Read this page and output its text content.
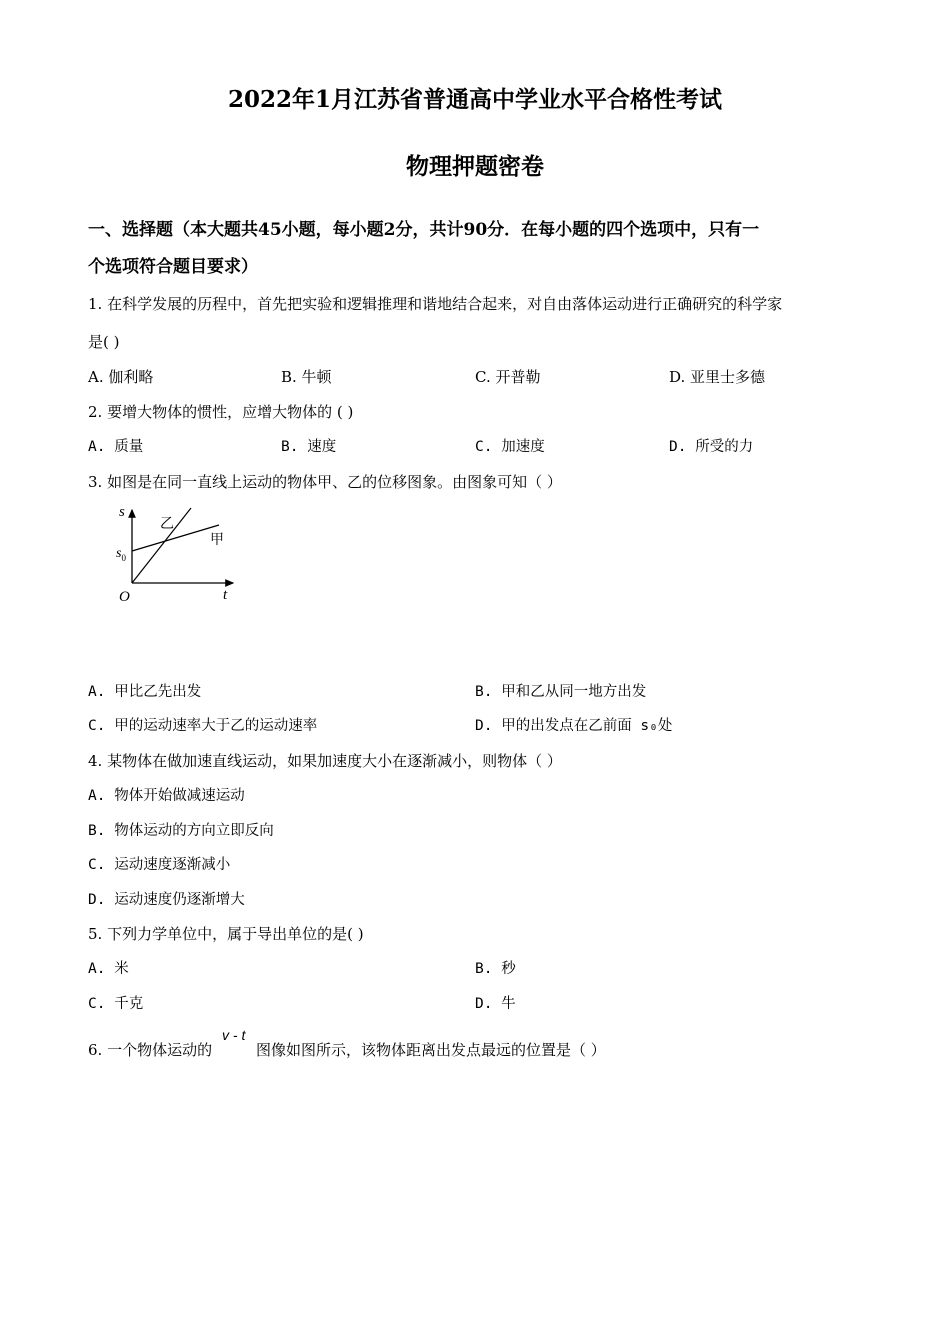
2022年1月江苏省普通高中学业水平合格性考试
物理押题密卷
一、选择题（本大题共45小题，每小题2分，共计90分．在每小题的四个选项中，只有一
个选项符合题目要求）
1. 在科学发展的历程中，首先把实验和逻辑推理和谐地结合起来，对自由落体运动进行正确研究的科学家
是( )
A. 伽利略	B. 牛顿	C. 开普勒	D. 亚里士多德
2. 要增大物体的惯性，应增大物体的 ( )
A. 质量	B. 速度	C. 加速度	D. 所受的力
3. 如图是在同一直线上运动的物体甲、乙的位移图象。由图象可知（ ）
s
t
O
$s_0$
乙
甲
A. 甲比乙先出发	B. 甲和乙从同一地方出发
C. 甲的运动速率大于乙的运动速率	D. 甲的出发点在乙前面 s₀处
4. 某物体在做加速直线运动，如果加速度大小在逐渐减小，则物体（ ）
A. 物体开始做减速运动
B. 物体运动的方向立即反向
C. 运动速度逐渐减小
D. 运动速度仍逐渐增大
5. 下列力学单位中，属于导出单位的是( )
A. 米	B. 秒
C. 千克	D. 牛
6. 一个物体运动的
v - t
图像如图所示，该物体距离出发点最远的位置是（ ）
